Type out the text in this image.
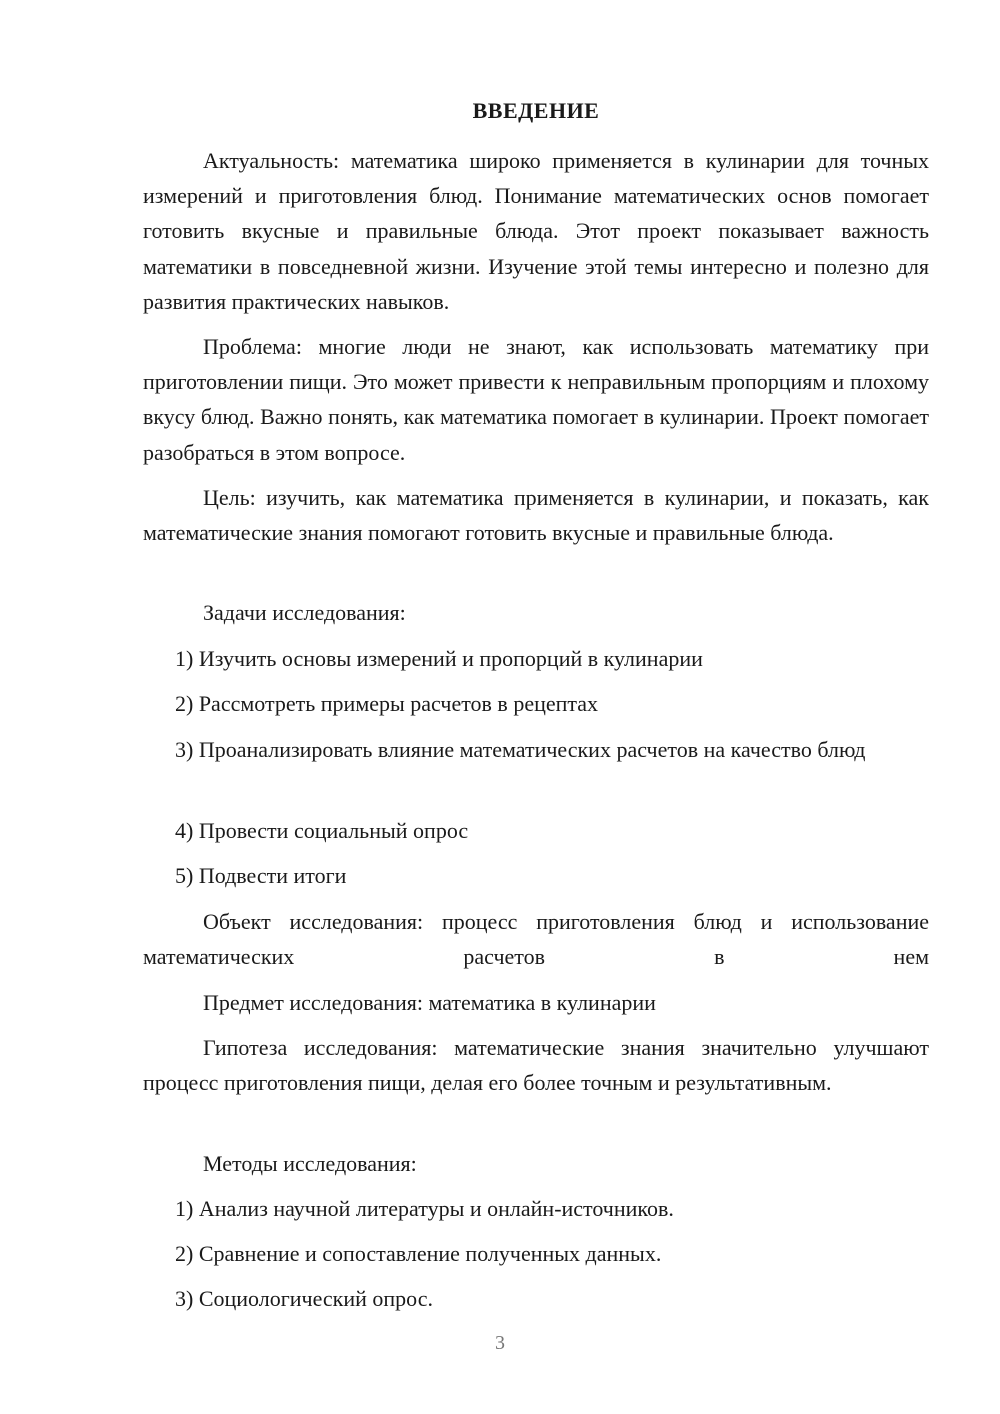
ВВЕДЕНИЕ

Актуальность: математика широко применяется в кулинарии для точных измерений и приготовления блюд. Понимание математических основ помогает готовить вкусные и правильные блюда. Этот проект показывает важность математики в повседневной жизни. Изучение этой темы интересно и полезно для развития практических навыков.

Проблема: многие люди не знают, как использовать математику при приготовлении пищи. Это может привести к неправильным пропорциям и плохому вкусу блюд. Важно понять, как математика помогает в кулинарии. Проект помогает разобраться в этом вопросе.

Цель: изучить, как математика применяется в кулинарии, и показать, как математические знания помогают готовить вкусные и правильные блюда.

Задачи исследования:

1) Изучить основы измерений и пропорций в кулинарии

2) Рассмотреть примеры расчетов в рецептах

3) Проанализировать влияние математических расчетов на качество блюд

4) Провести социальный опрос

5) Подвести итоги

Объект исследования: процесс приготовления блюд и использование математических расчетов в нем

Предмет исследования: математика в кулинарии

Гипотеза исследования: математические знания значительно улучшают процесс приготовления пищи, делая его более точным и результативным.

Методы исследования:

1) Анализ научной литературы и онлайн-источников.

2) Сравнение и сопоставление полученных данных.

3) Социологический опрос.

3
